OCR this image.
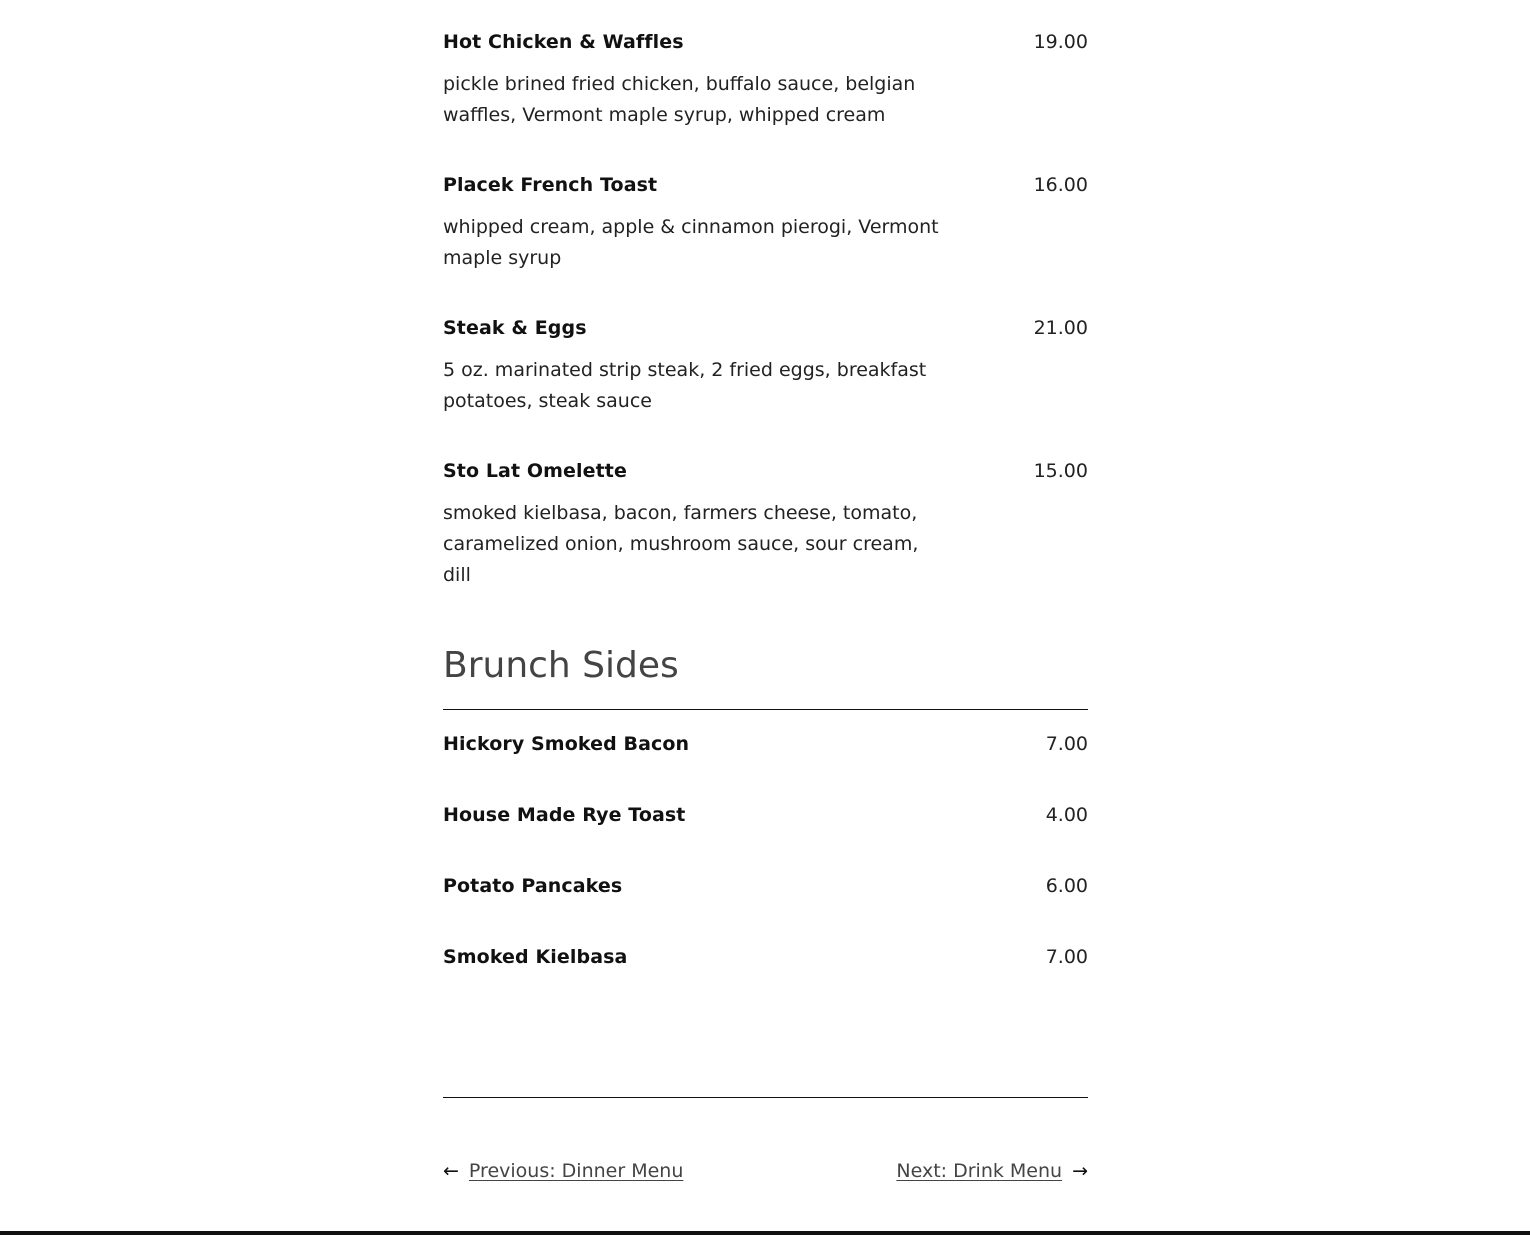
Hot Chicken & Waffles	19.00
pickle brined fried chicken, buffalo sauce, belgian waffles, Vermont maple syrup, whipped cream
Placek French Toast	16.00
whipped cream, apple & cinnamon pierogi, Vermont maple syrup
Steak & Eggs	21.00
5 oz. marinated strip steak, 2 fried eggs, breakfast potatoes, steak sauce
Sto Lat Omelette	15.00
smoked kielbasa, bacon, farmers cheese, tomato, caramelized onion, mushroom sauce, sour cream, dill
Brunch Sides
Hickory Smoked Bacon	7.00
House Made Rye Toast	4.00
Potato Pancakes	6.00
Smoked Kielbasa	7.00
← Previous: Dinner Menu	Next: Drink Menu →
